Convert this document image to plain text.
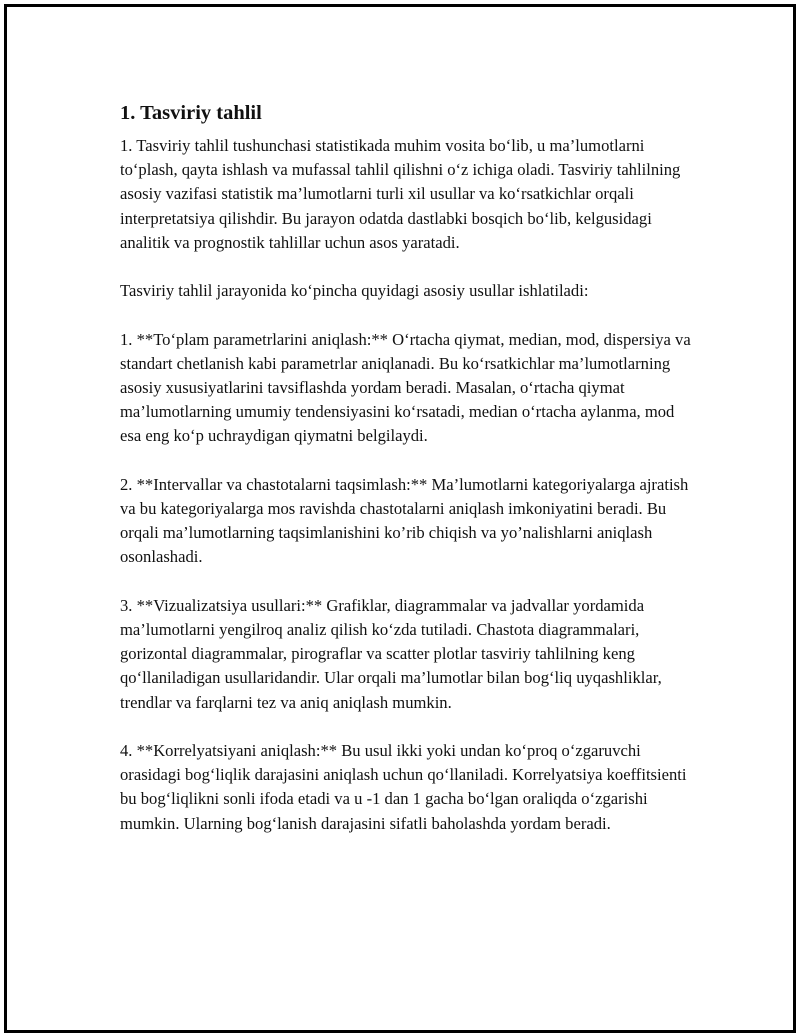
1. Tasviriy tahlil

1. Tasviriy tahlil tushunchasi statistikada muhim vosita bo‘lib, u ma’lumotlarni to‘plash, qayta ishlash va mufassal tahlil qilishni o‘z ichiga oladi. Tasviriy tahlilning asosiy vazifasi statistik ma’lumotlarni turli xil usullar va ko‘rsatkichlar orqali interpretatsiya qilishdir. Bu jarayon odatda dastlabki bosqich bo‘lib, kelgusidagi analitik va prognostik tahlillar uchun asos yaratadi.

Tasviriy tahlil jarayonida ko‘pincha quyidagi asosiy usullar ishlatiladi:

1. **To‘plam parametrlarini aniqlash:** O‘rtacha qiymat, median, mod, dispersiya va standart chetlanish kabi parametrlar aniqlanadi. Bu ko‘rsatkichlar ma’lumotlarning asosiy xususiyatlarini tavsiflashda yordam beradi. Masalan, o‘rtacha qiymat ma’lumotlarning umumiy tendensiyasini ko‘rsatadi, median o‘rtacha aylanma, mod esa eng ko‘p uchraydigan qiymatni belgilaydi.

2. **Intervallar va chastotalarni taqsimlash:** Ma’lumotlarni kategoriyalarga ajratish va bu kategoriyalarga mos ravishda chastotalarni aniqlash imkoniyatini beradi. Bu orqali ma’lumotlarning taqsimlanishini ko’rib chiqish va yo’nalishlarni aniqlash osonlashadi.

3. **Vizualizatsiya usullari:** Grafiklar, diagrammalar va jadvallar yordamida ma’lumotlarni yengilroq analiz qilish ko‘zda tutiladi. Chastota diagrammalari, gorizontal diagrammalar, pirograflar va scatter plotlar tasviriy tahlilning keng qo‘llaniladigan usullaridandir. Ular orqali ma’lumotlar bilan bog‘liq uyqashliklar, trendlar va farqlarni tez va aniq aniqlash mumkin.

4. **Korrelyatsiyani aniqlash:** Bu usul ikki yoki undan ko‘proq o‘zgaruvchi orasidagi bog‘liqlik darajasini aniqlash uchun qo‘llaniladi. Korrelyatsiya koeffitsienti bu bog‘liqlikni sonli ifoda etadi va u -1 dan 1 gacha bo‘lgan oraliqda o‘zgarishi mumkin. Ularning bog‘lanish darajasini sifatli baholashda yordam beradi.
